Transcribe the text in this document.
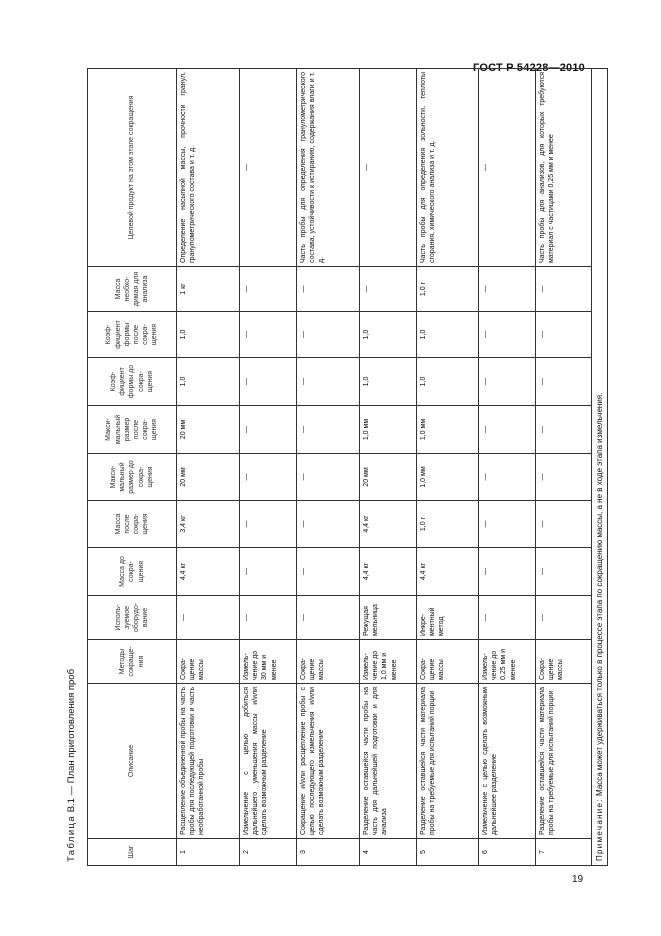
ГОСТ Р 54228—2010
Таблица В.1 — План приготовления проб
Шаг	Описание	Методы сокраще-ния	Исполь-зуемое оборудо-вание	Масса до сокра-щения	Масса после сокра-щения	Макси-мальный размер до сокра-щения	Макси-мальный размер после сокра-щения	Коэф-фициент формы до сокра-щения	Коэф-фициент формы после сокра-щения	Масса необхо-димая для анализа	Целевой продукт на этом этапе сокращения
1	Расщепление объединенной пробы на часть пробы для последующей подготовки и часть необработанной пробы	Сокра-щение массы	—	4,4 кг	3,4 кг	20 мм	20 мм	1,0	1,0	1 кг	Определение насыпной массы, прочности гранул, гранулометрического состава и т. д.
2	Измельчение с целью добиться дальнейшего уменьшения массы и/или сделать возможным разделение	Измель-чение до 30 мм и менее	—	—	—	—	—	—	—	—	—
3	Сокращение и/или расщепление пробы с целью последующего измельчения и/или сделать возможным разделение	Сокра-щение массы	—	—	—	—	—	—	—	—	Часть пробы для определения гранулометрического состава, устойчивости к истиранию, содержания влаги и т. д.
4	Разделение оставшейся части пробы на часть для дальнейшей подготовки и для анализа	Измель-чение до 1,0 мм и менее	Режущая мельница	4,4 кг	4,4 кг	20 мм	1,0 мм	1,0	1,0	—	—
5	Разделение оставшейся части материала пробы на требуемые для испытаний порции	Сокра-щение массы	Инкре-ментный метод	4,4 кг	1,0 г	1,0 мм	1,0 мм	1,0	1,0	1,0 г	Часть пробы для определения зольности, теплоты сгорания, химического анализа и т. д.
6	Измельчение с целью сделать возможным дальнейшее разделение	Измель-чение до 0,25 мм и менее	—	—	—	—	—	—	—	—	—
7	Разделение оставшейся части материала пробы на требуемые для испытаний порции	Сокра-щение массы	—	—	—	—	—	—	—	—	Часть пробы для анализов, для которых требуются материал с частицами 0,25 мм и менее
Примечание: Масса может удерживаться только в процессе этапа по сокращению массы, а не в ходе этапа измельчения.											
19
